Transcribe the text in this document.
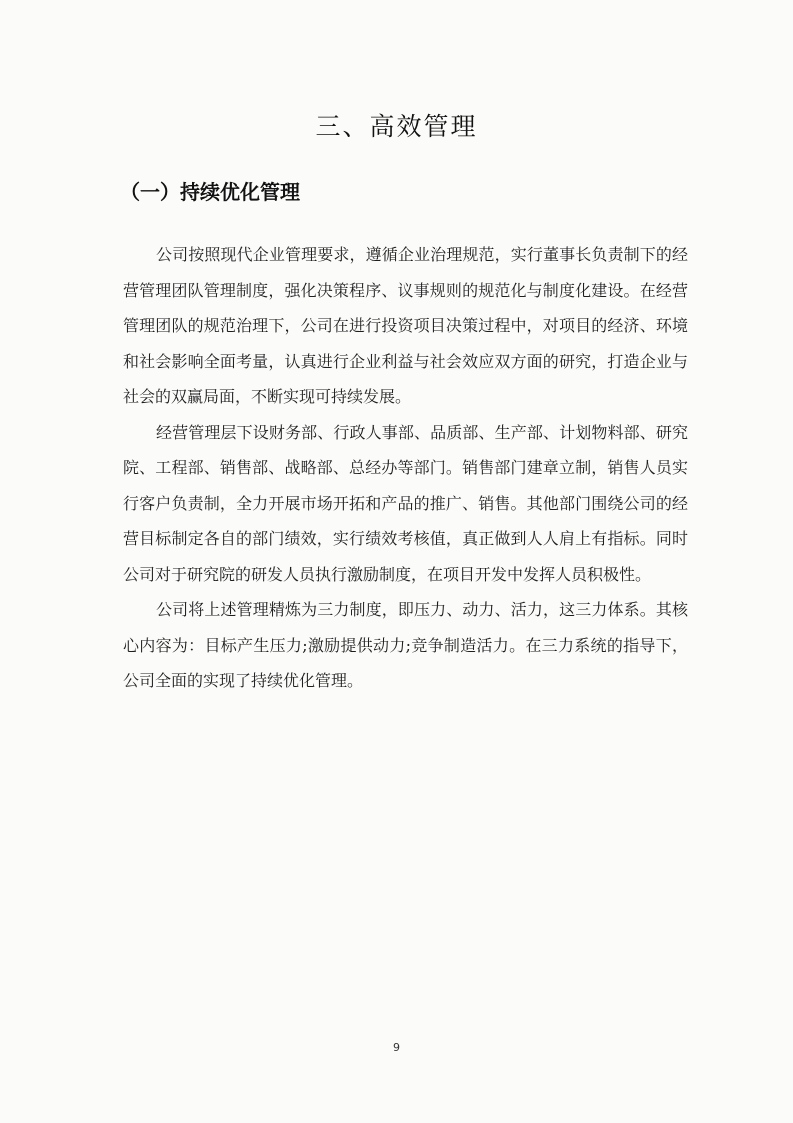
三、高效管理
（一）持续优化管理

公司按照现代企业管理要求，遵循企业治理规范，实行董事长负责制下的经营管理团队管理制度，强化决策程序、议事规则的规范化与制度化建设。在经营管理团队的规范治理下，公司在进行投资项目决策过程中，对项目的经济、环境和社会影响全面考量，认真进行企业利益与社会效应双方面的研究，打造企业与社会的双赢局面，不断实现可持续发展。

经营管理层下设财务部、行政人事部、品质部、生产部、计划物料部、研究院、工程部、销售部、战略部、总经办等部门。销售部门建章立制，销售人员实行客户负责制，全力开展市场开拓和产品的推广、销售。其他部门围绕公司的经营目标制定各自的部门绩效，实行绩效考核值，真正做到人人肩上有指标。同时公司对于研究院的研发人员执行激励制度，在项目开发中发挥人员积极性。

公司将上述管理精炼为三力制度，即压力、动力、活力，这三力体系。其核心内容为：目标产生压力;激励提供动力;竞争制造活力。在三力系统的指导下，公司全面的实现了持续优化管理。

9
